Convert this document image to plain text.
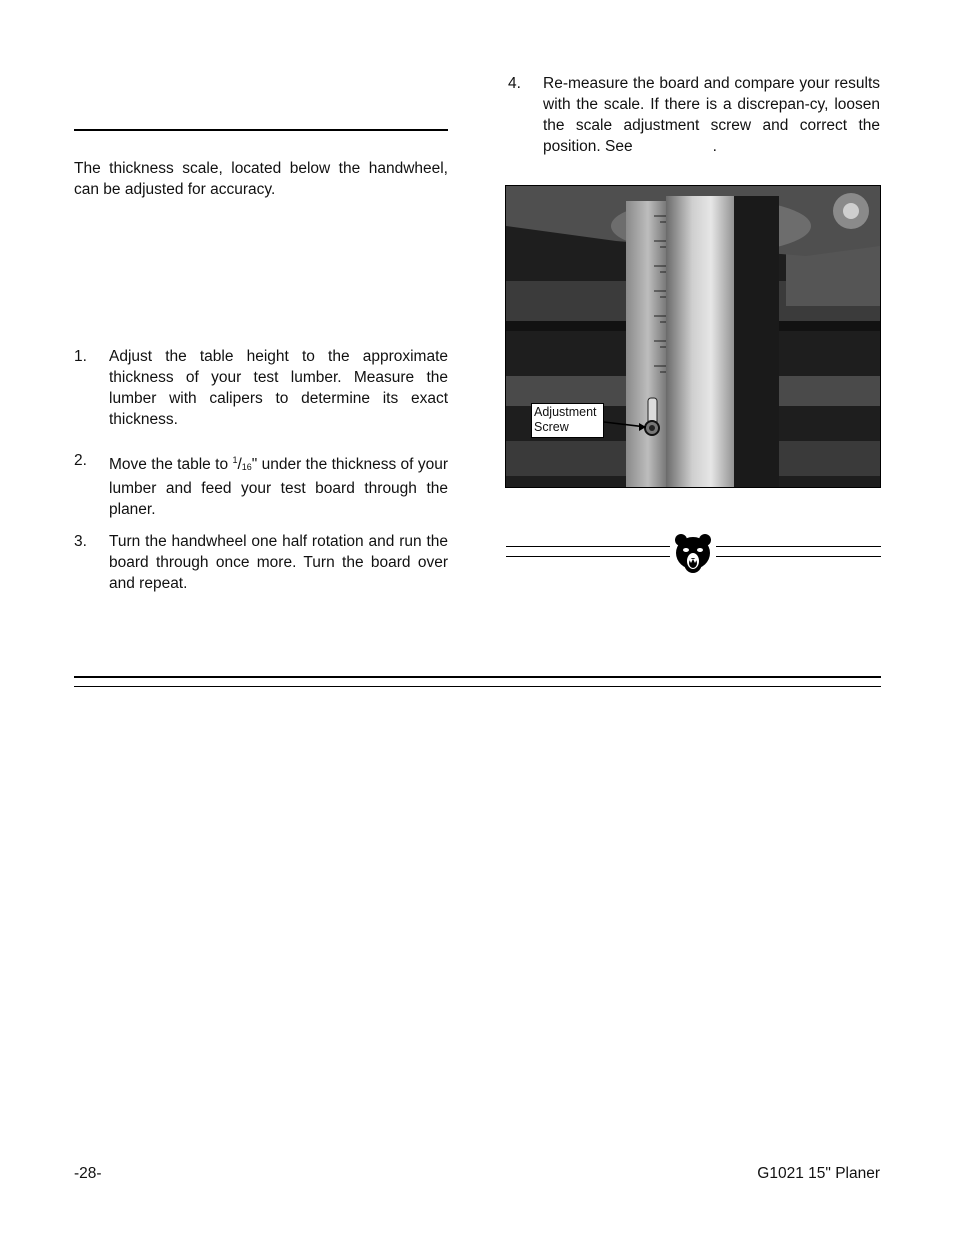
The thickness scale, located below the handwheel, can be adjusted for accuracy.
1. Adjust the table height to the approximate thickness of your test lumber. Measure the lumber with calipers to determine its exact thickness.
2. Move the table to $^1/_{16}$" under the thickness of your lumber and feed your test board through the planer.
3. Turn the handwheel one half rotation and run the board through once more. Turn the board over and repeat.
4. Re-measure the board and compare your results with the scale. If there is a discrepan-cy, loosen the scale adjustment screw and correct the position. See	.
Adjustment
Screw
-28-	G1021 15" Planer
